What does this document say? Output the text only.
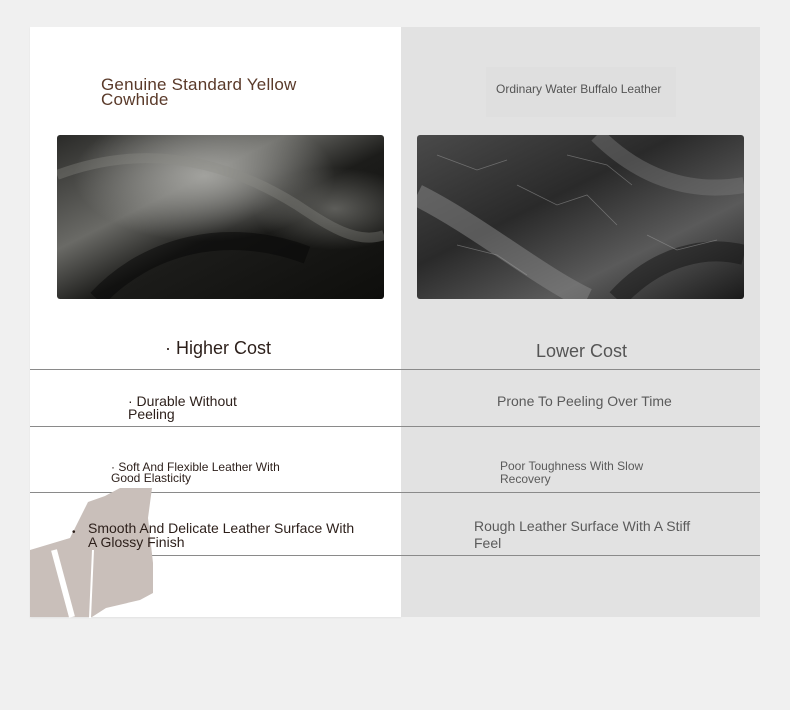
Genuine Standard Yellow Cowhide
Ordinary Water Buffalo Leather
· Higher Cost
· Durable Without Peeling
· Soft And Flexible Leather With Good Elasticity
• Smooth And Delicate Leather Surface With A Glossy Finish
Lower Cost
Prone To Peeling Over Time
Poor Toughness With Slow Recovery
Rough Leather Surface With A Stiff Feel
